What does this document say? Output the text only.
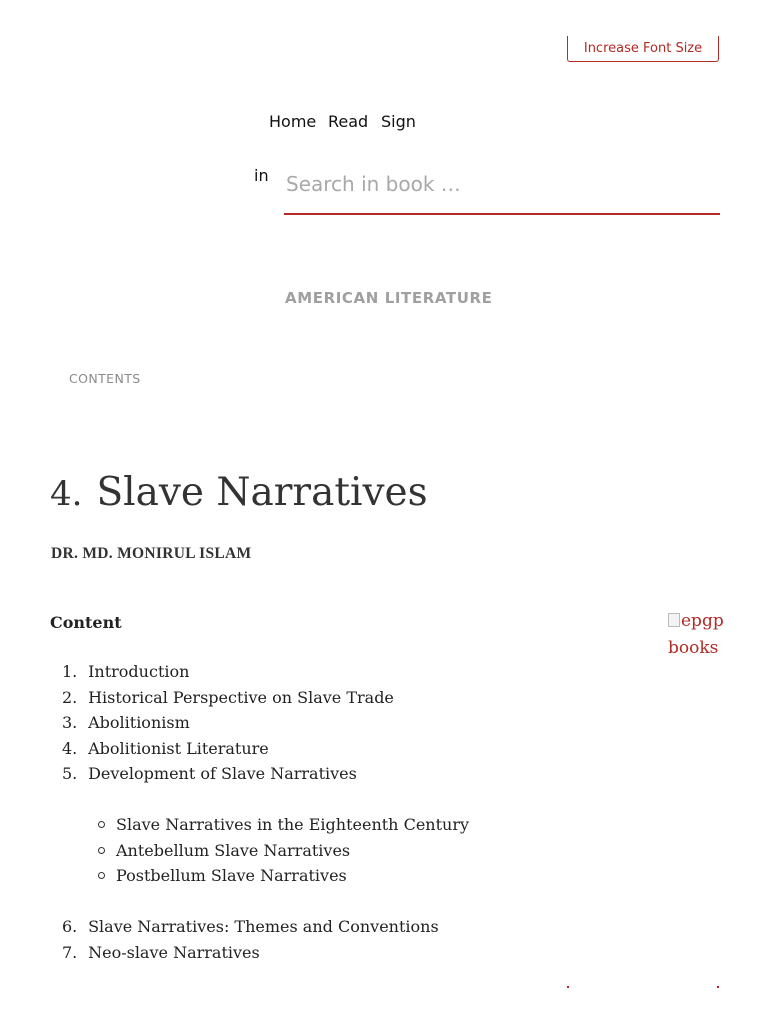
Increase Font Size
Home Read Sign
in
Search in book …
AMERICAN LITERATURE
CONTENTS
4. Slave Narratives
DR. MD. MONIRUL ISLAM
Content
1. Introduction
2. Historical Perspective on Slave Trade
3. Abolitionism
4. Abolitionist Literature
5. Development of Slave Narratives
Slave Narratives in the Eighteenth Century
Antebellum Slave Narratives
Postbellum Slave Narratives
6. Slave Narratives: Themes and Conventions
7. Neo-slave Narratives
epgp books
